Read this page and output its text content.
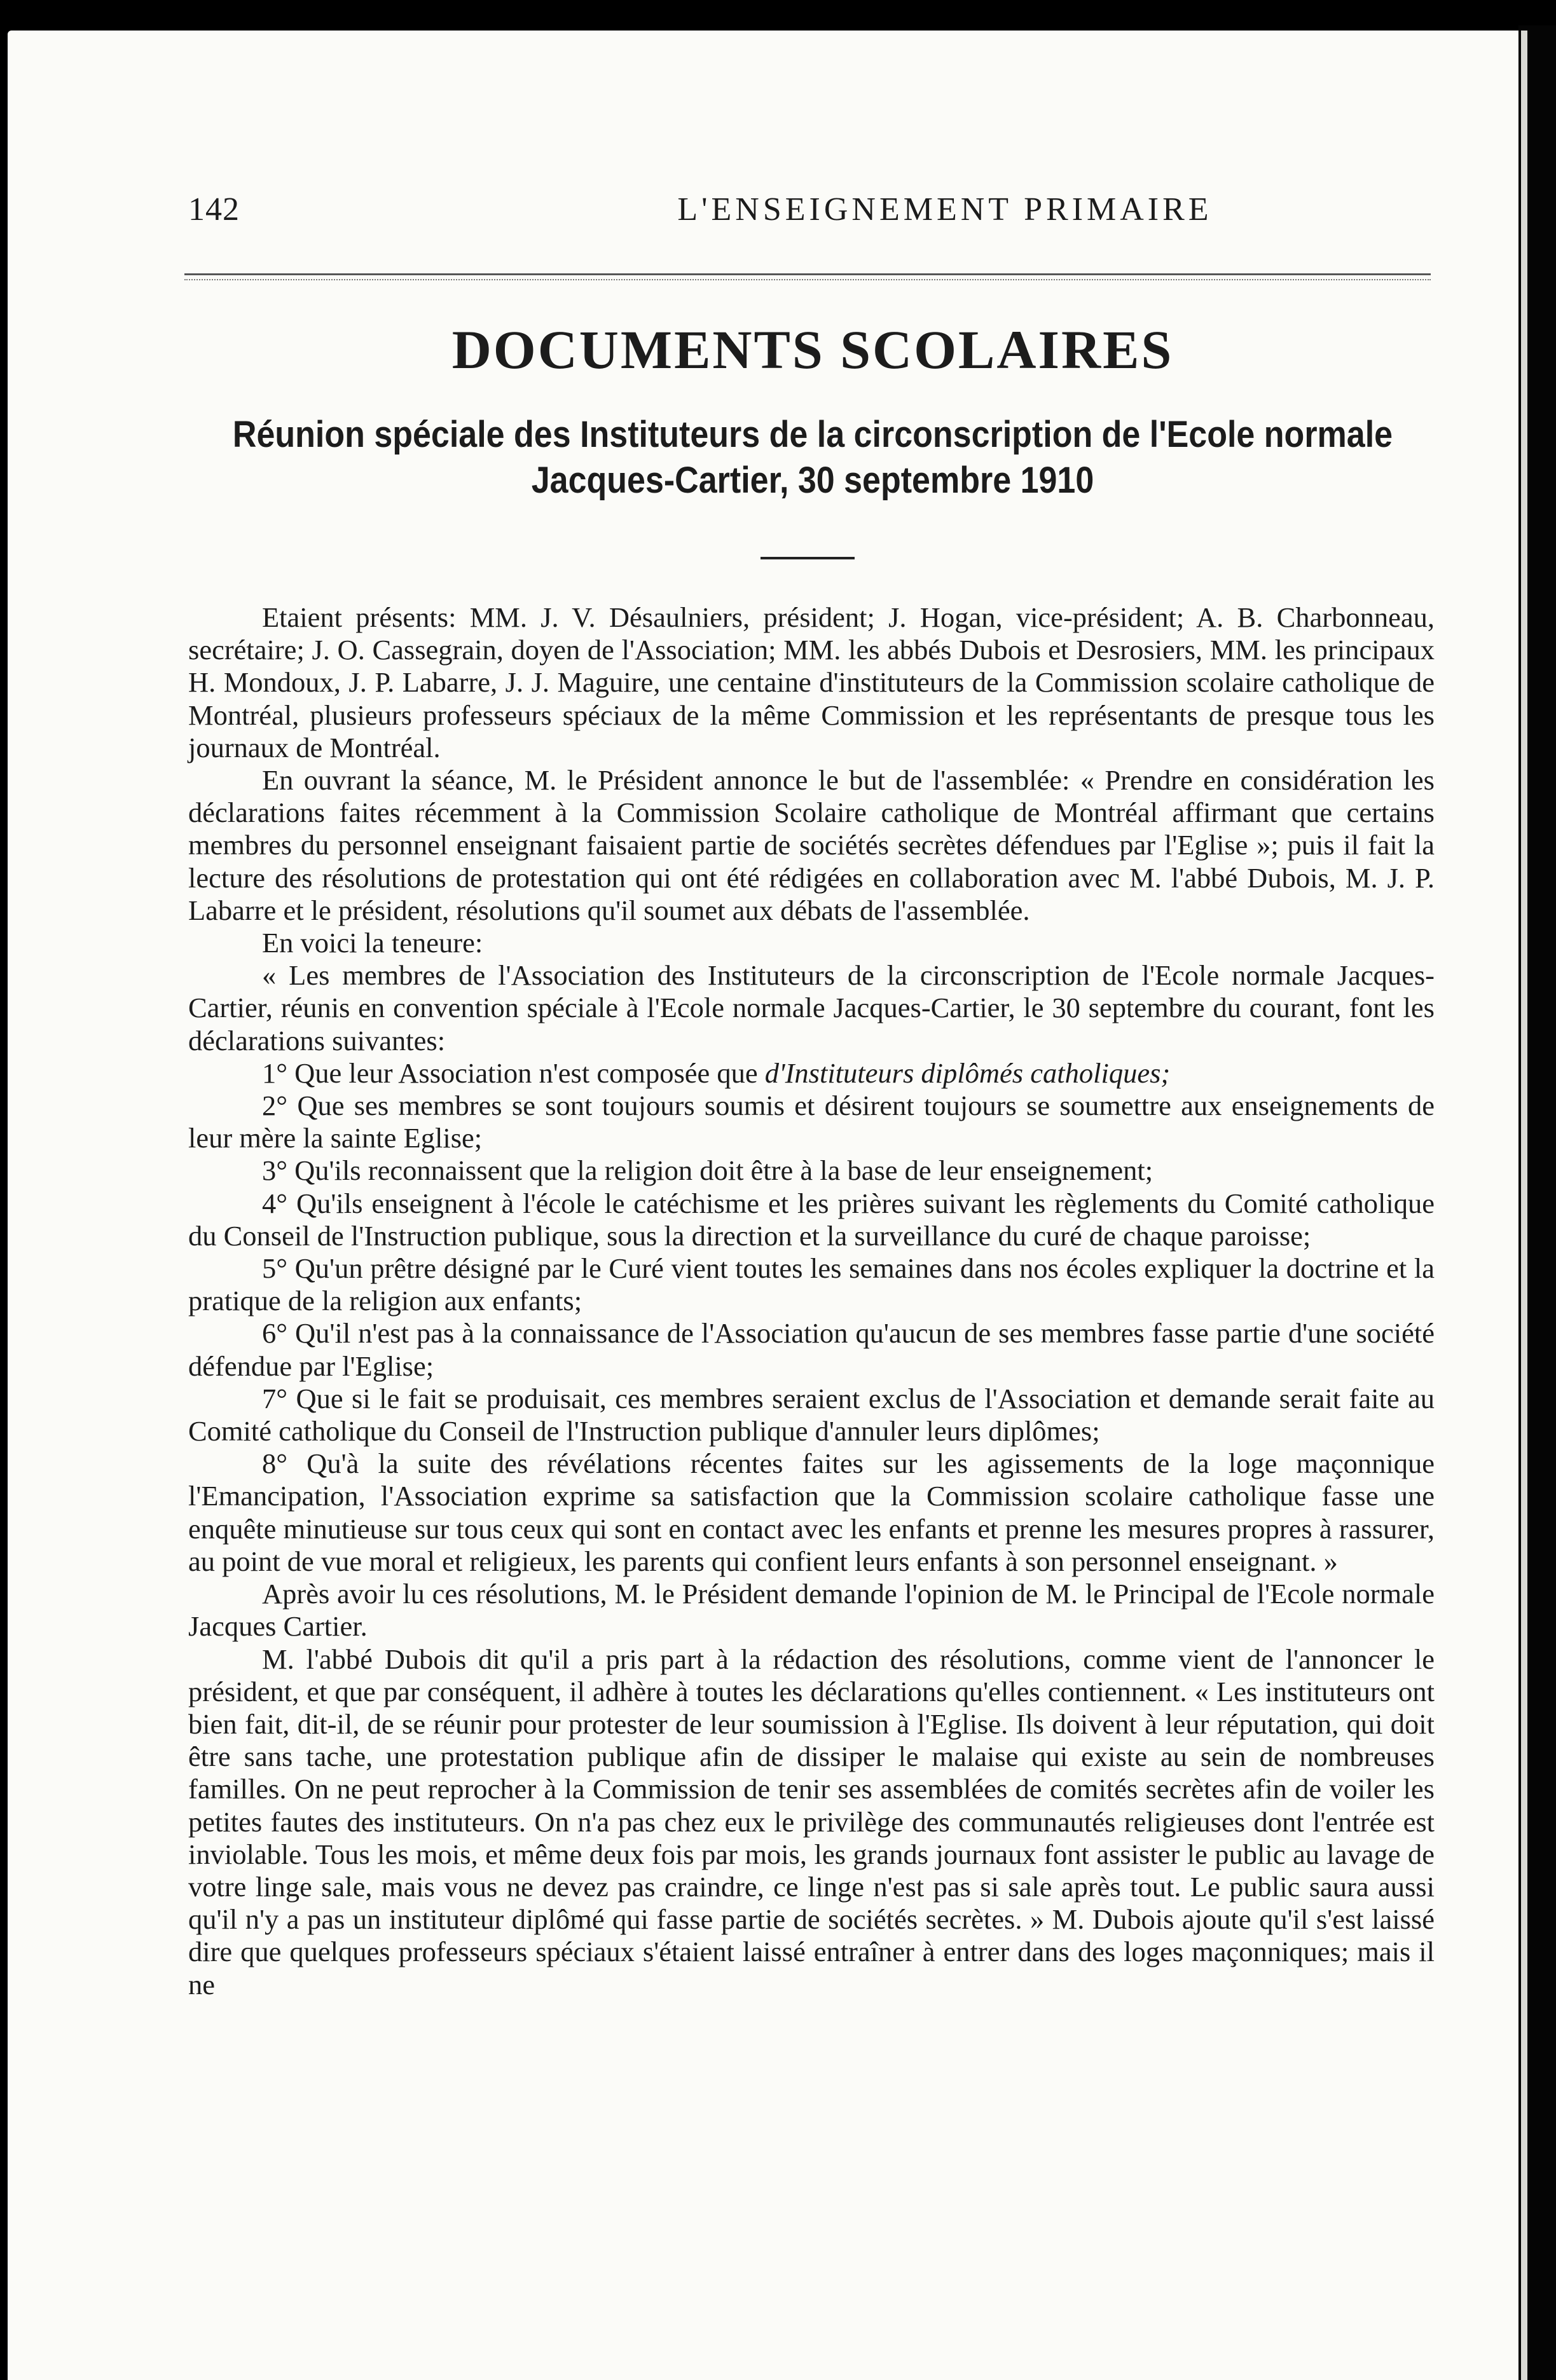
142	L'ENSEIGNEMENT PRIMAIRE
DOCUMENTS SCOLAIRES
Réunion spéciale des Instituteurs de la circonscription de l'Ecole normale
Jacques-Cartier, 30 septembre 1910

Etaient présents: MM. J. V. Désaulniers, président; J. Hogan, vice-président; A. B. Charbonneau, secrétaire; J. O. Cassegrain, doyen de l'Association; MM. les abbés Dubois et Desrosiers, MM. les principaux H. Mondoux, J. P. Labarre, J. J. Maguire, une centaine d'instituteurs de la Commission scolaire catholique de Montréal, plusieurs professeurs spéciaux de la même Commission et les représentants de presque tous les journaux de Montréal.

En ouvrant la séance, M. le Président annonce le but de l'assemblée: « Prendre en considération les déclarations faites récemment à la Commission Scolaire catholique de Montréal affirmant que certains membres du personnel enseignant faisaient partie de sociétés secrètes défendues par l'Eglise »; puis il fait la lecture des résolutions de protestation qui ont été rédigées en collaboration avec M. l'abbé Dubois, M. J. P. Labarre et le président, résolutions qu'il soumet aux débats de l'assemblée.

En voici la teneure:

« Les membres de l'Association des Instituteurs de la circonscription de l'Ecole normale Jacques-Cartier, réunis en convention spéciale à l'Ecole normale Jacques-Cartier, le 30 septembre du courant, font les déclarations suivantes:

1° Que leur Association n'est composée que d'Instituteurs diplômés catholiques;

2° Que ses membres se sont toujours soumis et désirent toujours se soumettre aux enseignements de leur mère la sainte Eglise;

3° Qu'ils reconnaissent que la religion doit être à la base de leur enseignement;

4° Qu'ils enseignent à l'école le catéchisme et les prières suivant les règlements du Comité catholique du Conseil de l'Instruction publique, sous la direction et la surveillance du curé de chaque paroisse;

5° Qu'un prêtre désigné par le Curé vient toutes les semaines dans nos écoles expliquer la doctrine et la pratique de la religion aux enfants;

6° Qu'il n'est pas à la connaissance de l'Association qu'aucun de ses membres fasse partie d'une société défendue par l'Eglise;

7° Que si le fait se produisait, ces membres seraient exclus de l'Association et demande serait faite au Comité catholique du Conseil de l'Instruction publique d'annuler leurs diplômes;

8° Qu'à la suite des révélations récentes faites sur les agissements de la loge maçonnique l'Emancipation, l'Association exprime sa satisfaction que la Commission scolaire catholique fasse une enquête minutieuse sur tous ceux qui sont en contact avec les enfants et prenne les mesures propres à rassurer, au point de vue moral et religieux, les parents qui confient leurs enfants à son personnel enseignant. »

Après avoir lu ces résolutions, M. le Président demande l'opinion de M. le Principal de l'Ecole normale Jacques Cartier.

M. l'abbé Dubois dit qu'il a pris part à la rédaction des résolutions, comme vient de l'annoncer le président, et que par conséquent, il adhère à toutes les déclarations qu'elles contiennent. « Les instituteurs ont bien fait, dit-il, de se réunir pour protester de leur soumission à l'Eglise. Ils doivent à leur réputation, qui doit être sans tache, une protestation publique afin de dissiper le malaise qui existe au sein de nombreuses familles. On ne peut reprocher à la Commission de tenir ses assemblées de comités secrètes afin de voiler les petites fautes des instituteurs. On n'a pas chez eux le privilège des communautés religieuses dont l'entrée est inviolable. Tous les mois, et même deux fois par mois, les grands journaux font assister le public au lavage de votre linge sale, mais vous ne devez pas craindre, ce linge n'est pas si sale après tout. Le public saura aussi qu'il n'y a pas un instituteur diplômé qui fasse partie de sociétés secrètes. » M. Dubois ajoute qu'il s'est laissé dire que quelques professeurs spéciaux s'étaient laissé entraîner à entrer dans des loges maçonniques; mais il ne
